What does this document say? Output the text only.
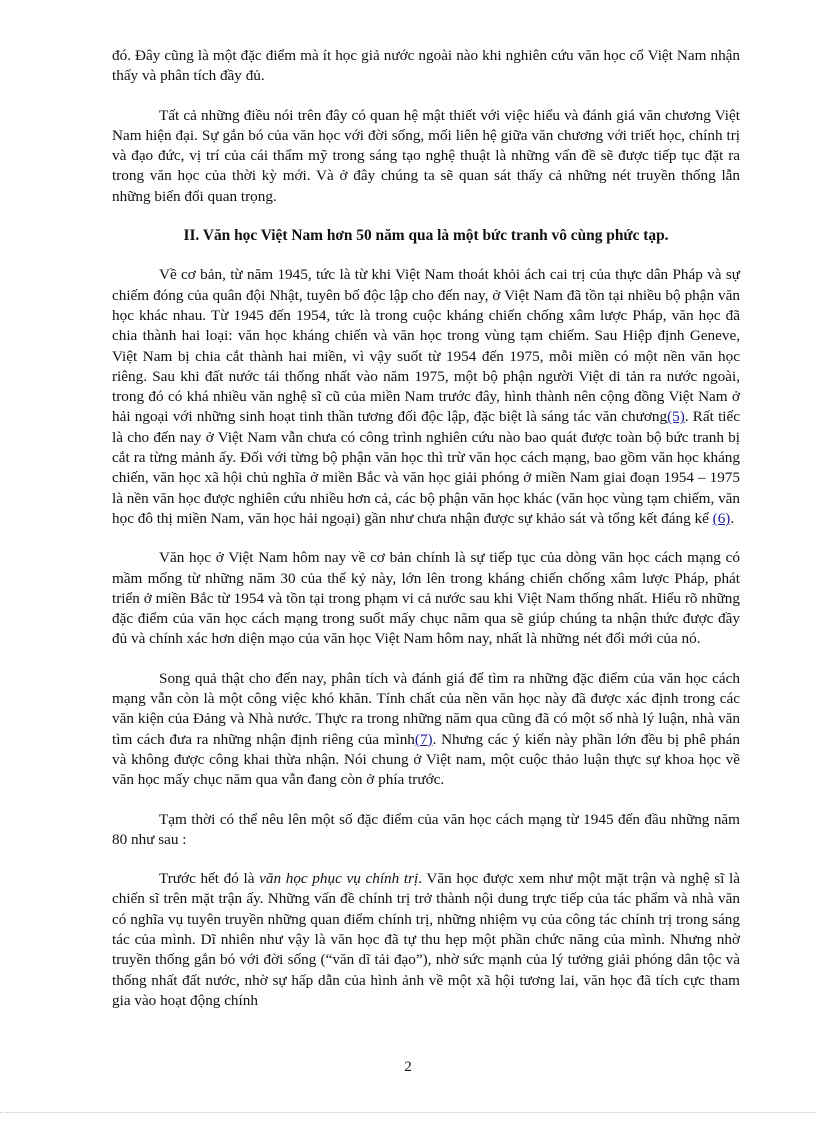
đó. Đây cũng là một đặc điểm mà ít học giả nước ngoài nào khi nghiên cứu văn học cổ Việt Nam nhận thấy và phân tích đầy đủ.

Tất cả những điều nói trên đây có quan hệ mật thiết với việc hiểu và đánh giá văn chương Việt Nam hiện đại. Sự gắn bó của văn học với đời sống, mối liên hệ giữa văn chương với triết học, chính trị và đạo đức, vị trí của cái thẩm mỹ trong sáng tạo nghệ thuật là những vấn đề sẽ được tiếp tục đặt ra trong văn học của thời kỳ mới. Và ở đây chúng ta sẽ quan sát thấy cả những nét truyền thống lẫn những biến đổi quan trọng.

II. Văn học Việt Nam hơn 50 năm qua là một bức tranh vô cùng phức tạp.

Về cơ bản, từ năm 1945, tức là từ khi Việt Nam thoát khỏi ách cai trị của thực dân Pháp và sự chiếm đóng của quân đội Nhật, tuyên bố độc lập cho đến nay, ở Việt Nam đã tồn tại nhiều bộ phận văn học khác nhau. Từ 1945 đến 1954, tức là trong cuộc kháng chiến chống xâm lược Pháp, văn học đã chia thành hai loại: văn học kháng chiến và văn học trong vùng tạm chiếm. Sau Hiệp định Geneve, Việt Nam bị chia cắt thành hai miền, vì vậy suốt từ 1954 đến 1975, mỗi miền có một nền văn học riêng. Sau khi đất nước tái thống nhất vào năm 1975, một bộ phận người Việt di tản ra nước ngoài, trong đó có khá nhiều văn nghệ sĩ cũ của miền Nam trước đây, hình thành nên cộng đồng Việt Nam ở hải ngoại với những sinh hoạt tinh thần tương đối độc lập, đặc biệt là sáng tác văn chương(5). Rất tiếc là cho đến nay ở Việt Nam vẫn chưa có công trình nghiên cứu nào bao quát được toàn bộ bức tranh bị cắt ra từng mảnh ấy. Đối với từng bộ phận văn học thì trừ văn học cách mạng, bao gồm văn học kháng chiến, văn học xã hội chủ nghĩa ở miền Bắc và văn học giải phóng ở miền Nam giai đoạn 1954 – 1975 là nền văn học được nghiên cứu nhiều hơn cả, các bộ phận văn học khác (văn học vùng tạm chiếm, văn học đô thị miền Nam, văn học hải ngoại) gần như chưa nhận được sự khảo sát và tổng kết đáng kể (6).

Văn học ở Việt Nam hôm nay về cơ bản chính là sự tiếp tục của dòng văn học cách mạng có mầm mống từ những năm 30 của thế kỷ này, lớn lên trong kháng chiến chống xâm lược Pháp, phát triển ở miền Bắc từ 1954 và tồn tại trong phạm vi cả nước sau khi Việt Nam thống nhất. Hiểu rõ những đặc điểm của văn học cách mạng trong suốt mấy chục năm qua sẽ giúp chúng ta nhận thức được đầy đủ và chính xác hơn diện mạo của văn học Việt Nam hôm nay, nhất là những nét đổi mới của nó.

Song quả thật cho đến nay, phân tích và đánh giá để tìm ra những đặc điểm của văn học cách mạng vẫn còn là một công việc khó khăn. Tính chất của nền văn học này đã được xác định trong các văn kiện của Đảng và Nhà nước. Thực ra trong những năm qua cũng đã có một số nhà lý luận, nhà văn tìm cách đưa ra những nhận định riêng của mình(7). Nhưng các ý kiến này phần lớn đều bị phê phán và không được công khai thừa nhận. Nói chung ở Việt nam, một cuộc thảo luận thực sự khoa học về văn học mấy chục năm qua vẫn đang còn ở phía trước.

Tạm thời có thể nêu lên một số đặc điểm của văn học cách mạng từ 1945 đến đầu những năm 80 như sau :

Trước hết đó là văn học phục vụ chính trị. Văn học được xem như một mặt trận và nghệ sĩ là chiến sĩ trên mặt trận ấy. Những vấn đề chính trị trở thành nội dung trực tiếp của tác phẩm và nhà văn có nghĩa vụ tuyên truyền những quan điểm chính trị, những nhiệm vụ của công tác chính trị trong sáng tác của mình. Dĩ nhiên như vậy là văn học đã tự thu hẹp một phần chức năng của mình. Nhưng nhờ truyền thống gắn bó với đời sống (“văn dĩ tải đạo”), nhờ sức mạnh của lý tưởng giải phóng dân tộc và thống nhất đất nước, nhờ sự hấp dẫn của hình ảnh về một xã hội tương lai, văn học đã tích cực tham gia vào hoạt động chính

2
